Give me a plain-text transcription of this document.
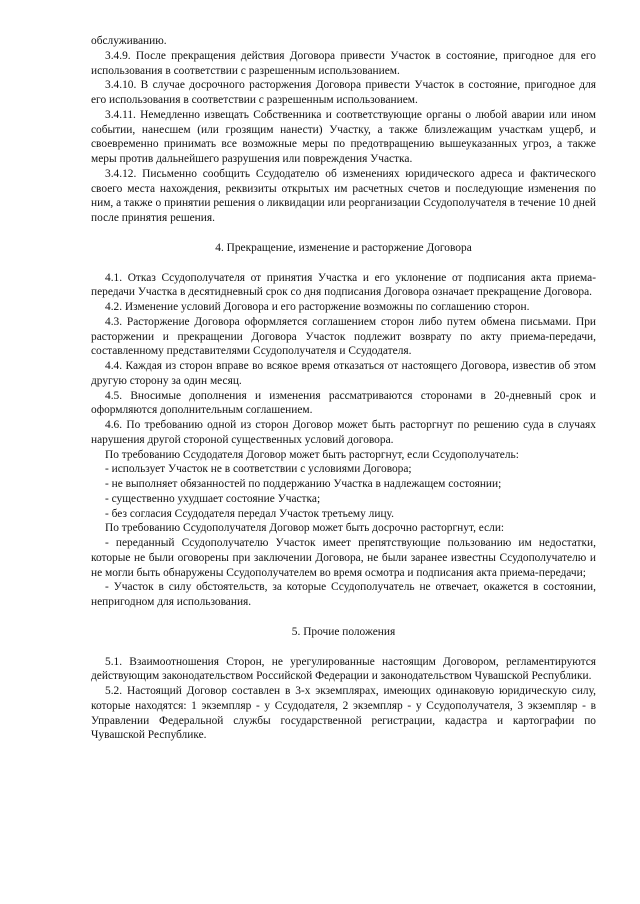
обслуживанию.

3.4.9. После прекращения действия Договора привести Участок в состояние, пригодное для его использования в соответствии с разрешенным использованием.

3.4.10. В случае досрочного расторжения Договора привести Участок в состояние, пригодное для его использования в соответствии с разрешенным использованием.

3.4.11. Немедленно извещать Собственника и соответствующие органы о любой аварии или ином событии, нанесшем (или грозящим нанести) Участку, а также близлежащим участкам ущерб, и своевременно принимать все возможные меры по предотвращению вышеуказанных угроз, а также меры против дальнейшего разрушения или повреждения Участка.

3.4.12. Письменно сообщить Ссудодателю об изменениях юридического адреса и фактического своего места нахождения, реквизиты открытых им расчетных счетов и последующие изменения по ним, а также о принятии решения о ликвидации или реорганизации Ссудополучателя в течение 10 дней после принятия решения.

4. Прекращение, изменение и расторжение Договора

4.1. Отказ Ссудополучателя от принятия Участка и его уклонение от подписания акта приема-передачи Участка в десятидневный срок со дня подписания Договора означает прекращение Договора.

4.2. Изменение условий Договора и его расторжение возможны по соглашению сторон.

4.3. Расторжение Договора оформляется соглашением сторон либо путем обмена письмами. При расторжении и прекращении Договора Участок подлежит возврату по акту приема-передачи, составленному представителями Ссудополучателя и Ссудодателя.

4.4. Каждая из сторон вправе во всякое время отказаться от настоящего Договора, известив об этом другую сторону за один месяц.

4.5. Вносимые дополнения и изменения рассматриваются сторонами в 20-дневный срок и оформляются дополнительным соглашением.

4.6. По требованию одной из сторон Договор может быть расторгнут по решению суда в случаях нарушения другой стороной существенных условий договора.

По требованию Ссудодателя Договор может быть расторгнут, если Ссудополучатель:

- использует Участок не в соответствии с условиями Договора;

- не выполняет обязанностей по поддержанию Участка в надлежащем состоянии;

- существенно ухудшает состояние Участка;

- без согласия Ссудодателя передал Участок третьему лицу.

По требованию Ссудополучателя Договор может быть досрочно расторгнут, если:

- переданный Ссудополучателю Участок имеет препятствующие пользованию им недостатки, которые не были оговорены при заключении Договора, не были заранее известны Ссудополучателю и не могли быть обнаружены Ссудополучателем во время осмотра и подписания акта приема-передачи;

- Участок в силу обстоятельств, за которые Ссудополучатель не отвечает, окажется в состоянии, непригодном для использования.

5. Прочие положения

5.1. Взаимоотношения Сторон, не урегулированные настоящим Договором, регламентируются действующим законодательством Российской Федерации и законодательством Чувашской Республики.

5.2. Настоящий Договор составлен в 3-х экземплярах, имеющих одинаковую юридическую силу, которые находятся: 1 экземпляр - у Ссудодателя, 2 экземпляр - у Ссудополучателя, 3 экземпляр - в Управлении Федеральной службы государственной регистрации, кадастра и картографии по Чувашской Республике.
